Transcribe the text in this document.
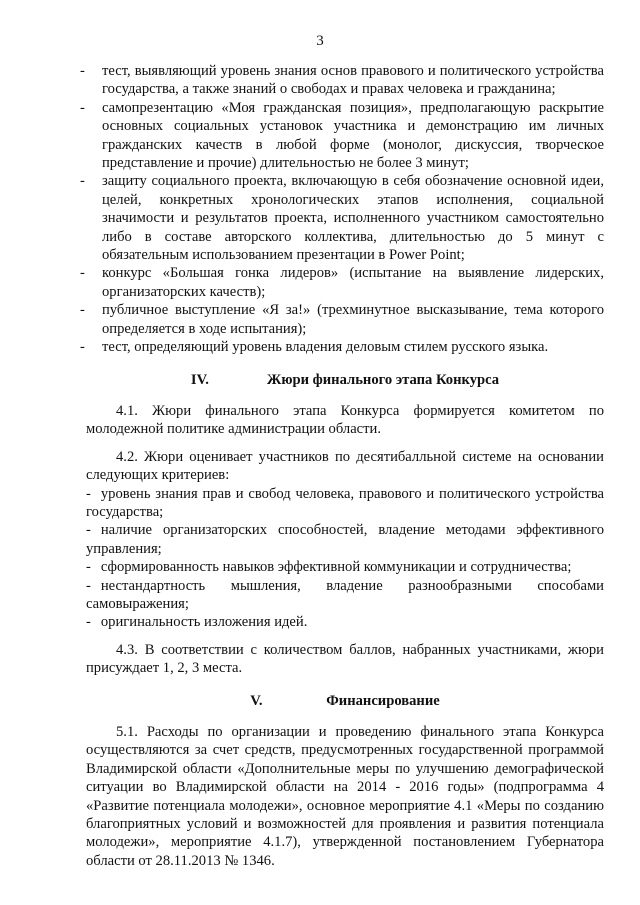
3

- тест, выявляющий уровень знания основ правового и политического устройства государства, а также знаний о свободах и правах человека и гражданина;

- самопрезентацию «Моя гражданская позиция», предполагающую раскрытие основных социальных установок участника и демонстрацию им личных гражданских качеств в любой форме (монолог, дискуссия, творческое представление и прочие) длительностью не более 3 минут;

- защиту социального проекта, включающую в себя обозначение основной идеи, целей, конкретных хронологических этапов исполнения, социальной значимости и результатов проекта, исполненного участником самостоятельно либо в составе авторского коллектива, длительностью до 5 минут с обязательным использованием презентации в Power Point;

- конкурс «Большая гонка лидеров» (испытание на выявление лидерских, организаторских качеств);

- публичное выступление «Я за!» (трехминутное высказывание, тема которого определяется в ходе испытания);

- тест, определяющий уровень владения деловым стилем русского языка.

IV.	Жюри финального этапа Конкурса

4.1. Жюри финального этапа Конкурса формируется комитетом по молодежной политике администрации области.

4.2. Жюри оценивает участников по десятибалльной системе на основании следующих критериев:

- уровень знания прав и свобод человека, правового и политического устройства государства;

- наличие организаторских способностей, владение методами эффективного управления;

- сформированность навыков эффективной коммуникации и сотрудничества;

- нестандартность мышления, владение разнообразными способами самовыражения;

- оригинальность изложения идей.

4.3. В соответствии с количеством баллов, набранных участниками, жюри присуждает 1, 2, 3 места.

V.	Финансирование

5.1. Расходы по организации и проведению финального этапа Конкурса осуществляются за счет средств, предусмотренных государственной программой Владимирской области «Дополнительные меры по улучшению демографической ситуации во Владимирской области на 2014 - 2016 годы» (подпрограмма 4 «Развитие потенциала молодежи», основное мероприятие 4.1 «Меры по созданию благоприятных условий и возможностей для проявления и развития потенциала молодежи», мероприятие 4.1.7), утвержденной постановлением Губернатора области от 28.11.2013 № 1346.
